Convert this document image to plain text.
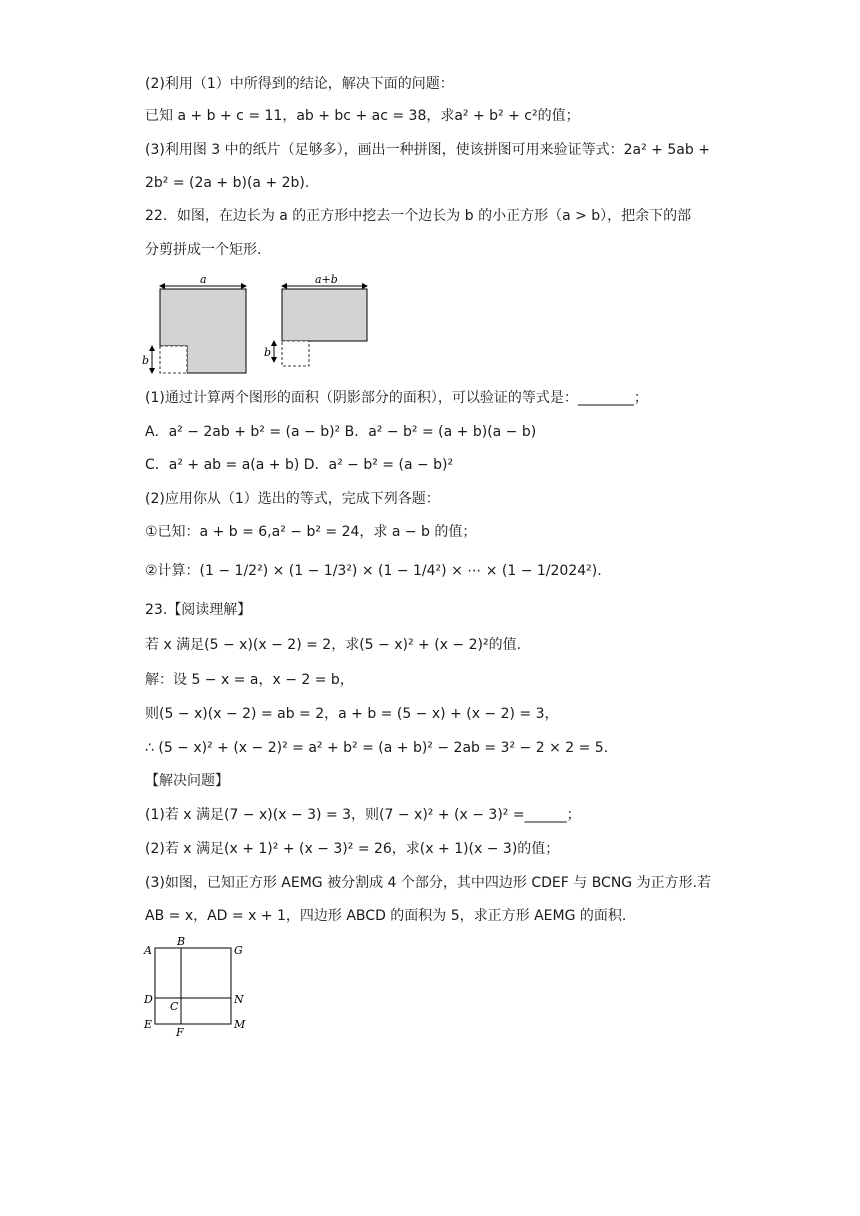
(2)利用（1）中所得到的结论，解决下面的问题：
已知 a + b + c = 11，ab + bc + ac = 38，求a² + b² + c²的值；
(3)利用图 3 中的纸片（足够多），画出一种拼图，使该拼图可用来验证等式：2a² + 5ab +
2b² = (2a + b)(a + 2b).
22．如图，在边长为 a 的正方形中挖去一个边长为 b 的小正方形（a > b），把余下的部
分剪拼成一个矩形.
a
b
a+b
b
(1)通过计算两个图形的面积（阴影部分的面积），可以验证的等式是：________；
A．a² − 2ab + b² = (a − b)² B．a² − b² = (a + b)(a − b)
C．a² + ab = a(a + b) D．a² − b² = (a − b)²
(2)应用你从（1）选出的等式，完成下列各题：
①已知：a + b = 6,a² − b² = 24，求 a − b 的值；
②计算：(1 − 1/2²) × (1 − 1/3²) × (1 − 1/4²) × ⋯ × (1 − 1/2024²).
23.【阅读理解】
若 x 满足(5 − x)(x − 2) = 2，求(5 − x)² + (x − 2)²的值.
解：设 5 − x = a，x − 2 = b，
则(5 − x)(x − 2) = ab = 2，a + b = (5 − x) + (x − 2) = 3，
∴ (5 − x)² + (x − 2)² = a² + b² = (a + b)² − 2ab = 3² − 2 × 2 = 5.
【解决问题】
(1)若 x 满足(7 − x)(x − 3) = 3，则(7 − x)² + (x − 3)² =______；
(2)若 x 满足(x + 1)² + (x − 3)² = 26，求(x + 1)(x − 3)的值；
(3)如图，已知正方形 AEMG 被分割成 4 个部分，其中四边形 CDEF 与 BCNG 为正方形.若
AB = x，AD = x + 1，四边形 ABCD 的面积为 5，求正方形 AEMG 的面积.
A
B
G
D
C
N
E
F
M
